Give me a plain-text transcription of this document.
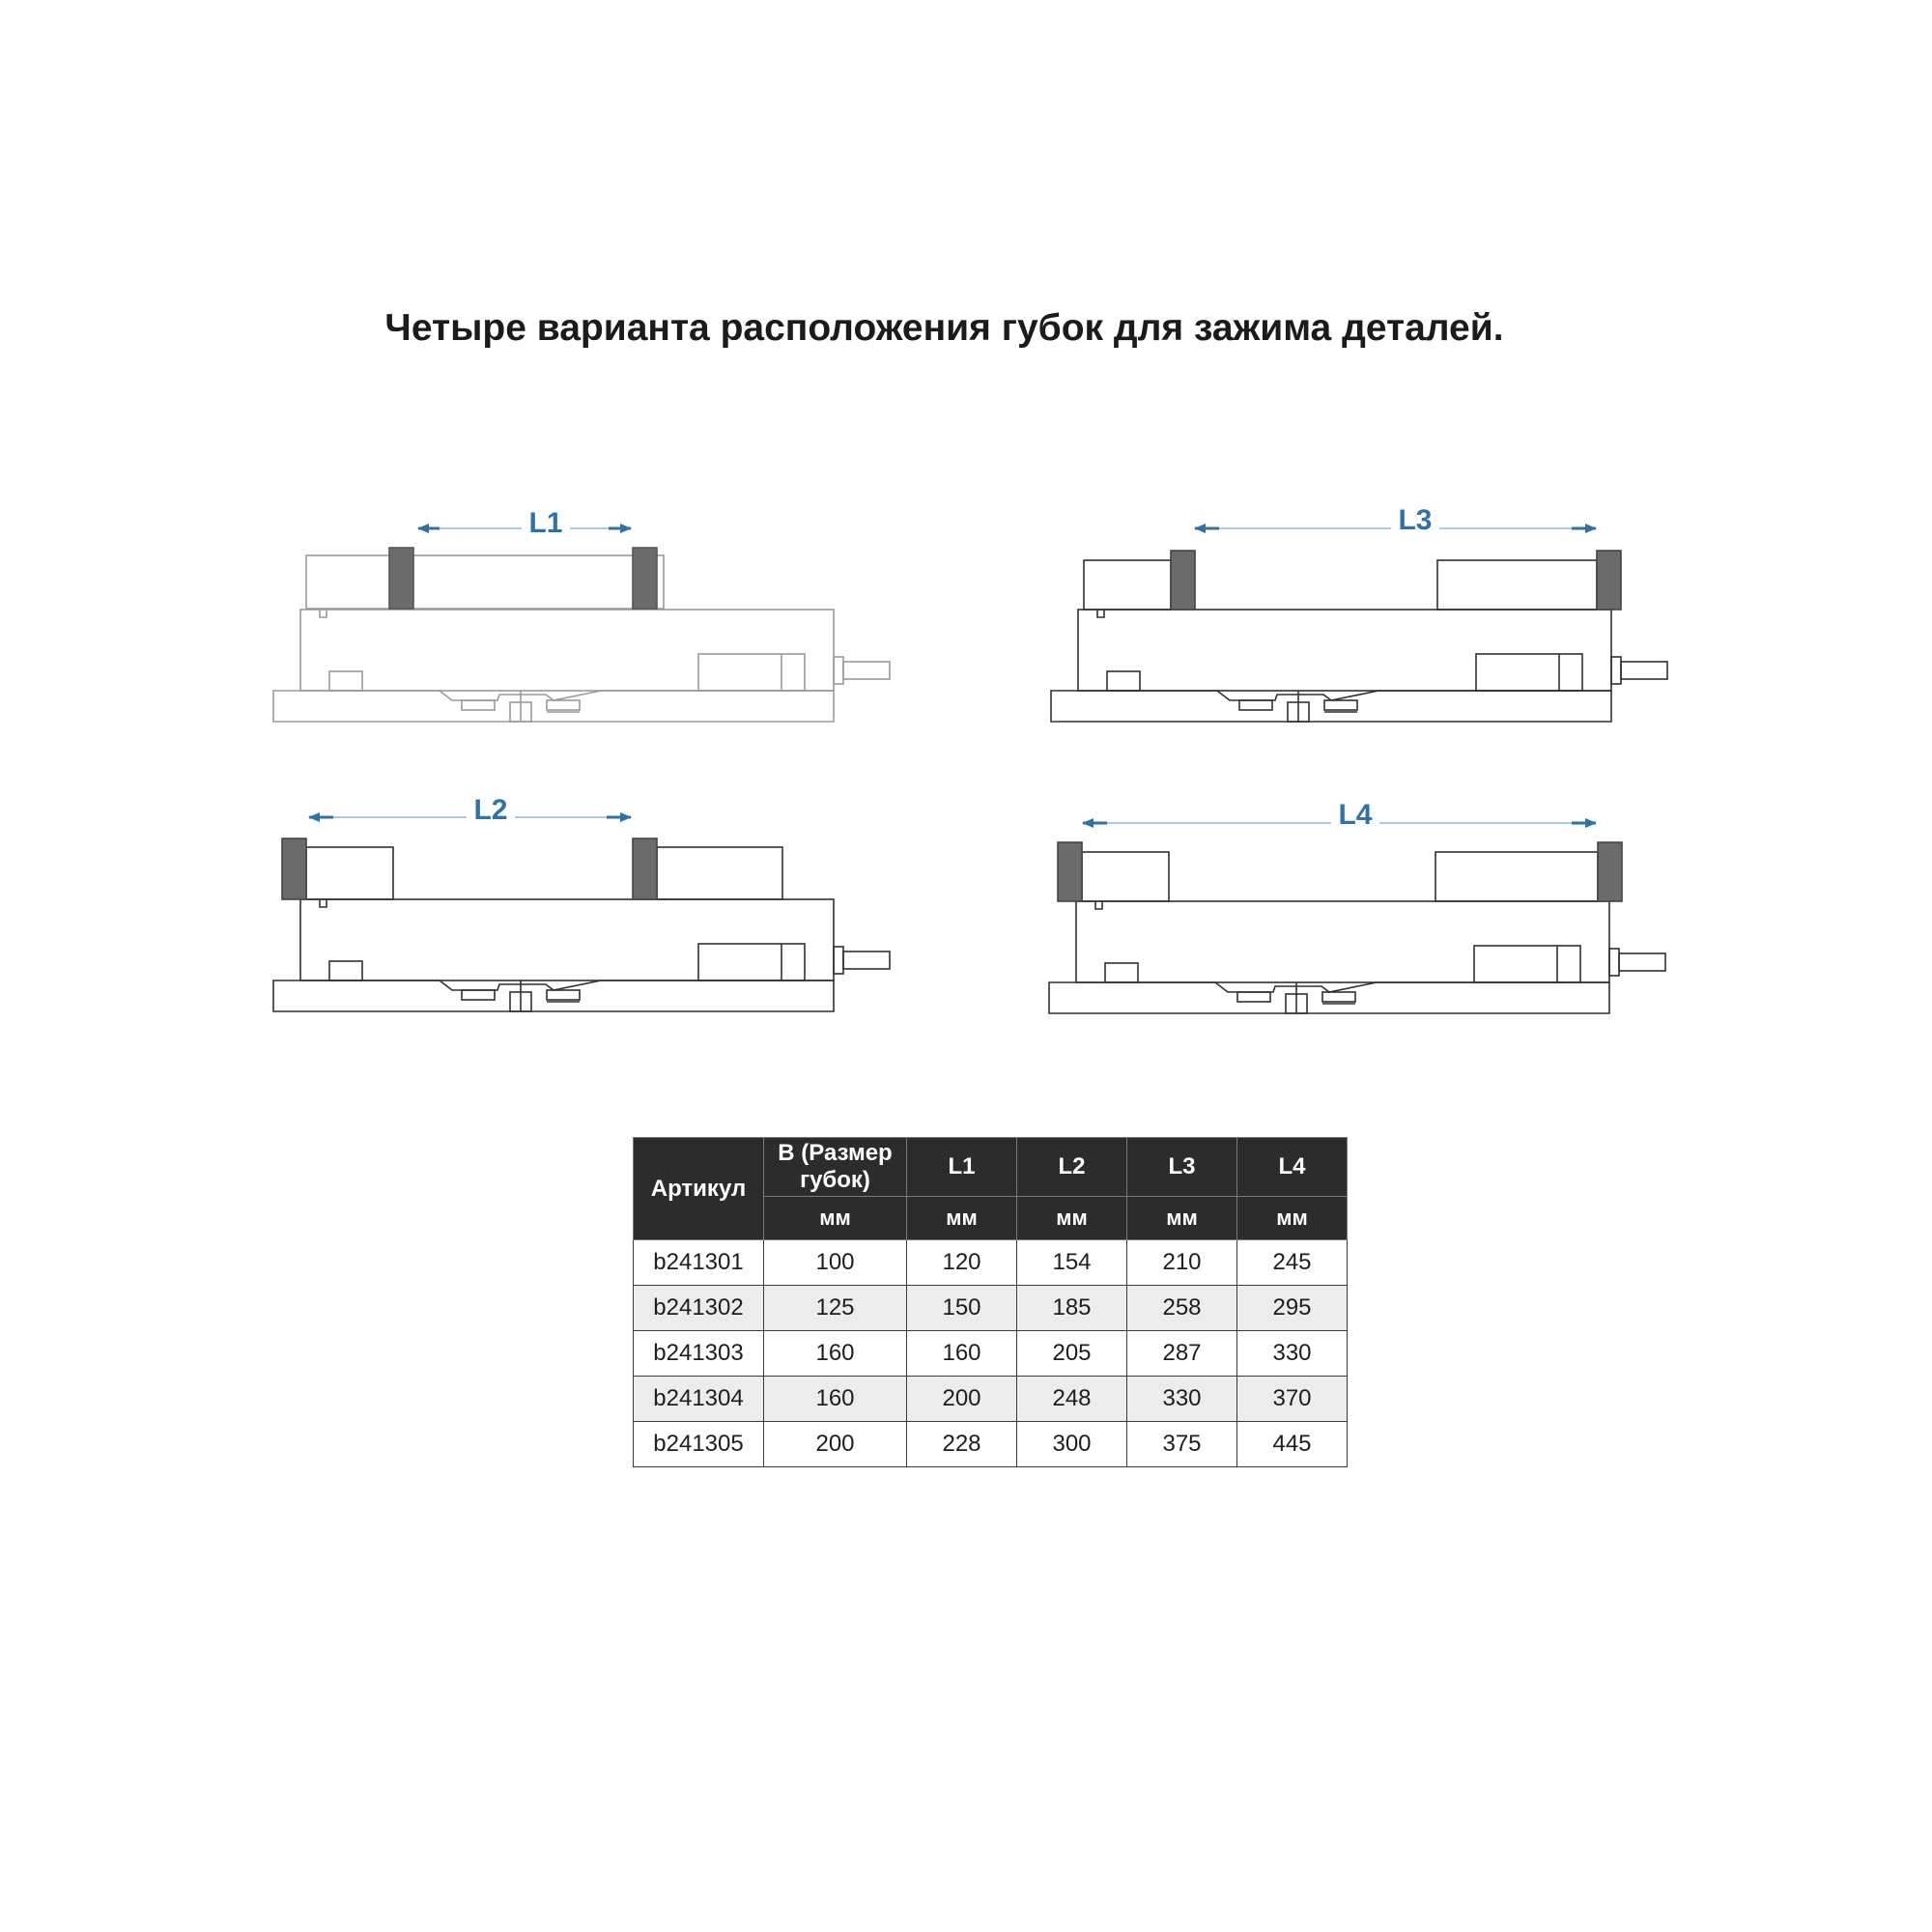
Четыре варианта расположения губок для зажима деталей.
L1	L3
L2	L4
Артикул	B (Размер губок)	L1	L2	L3	L4
	мм	мм	мм	мм	мм
b241301	100	120	154	210	245
b241302	125	150	185	258	295
b241303	160	160	205	287	330
b241304	160	200	248	330	370
b241305	200	228	300	375	445
